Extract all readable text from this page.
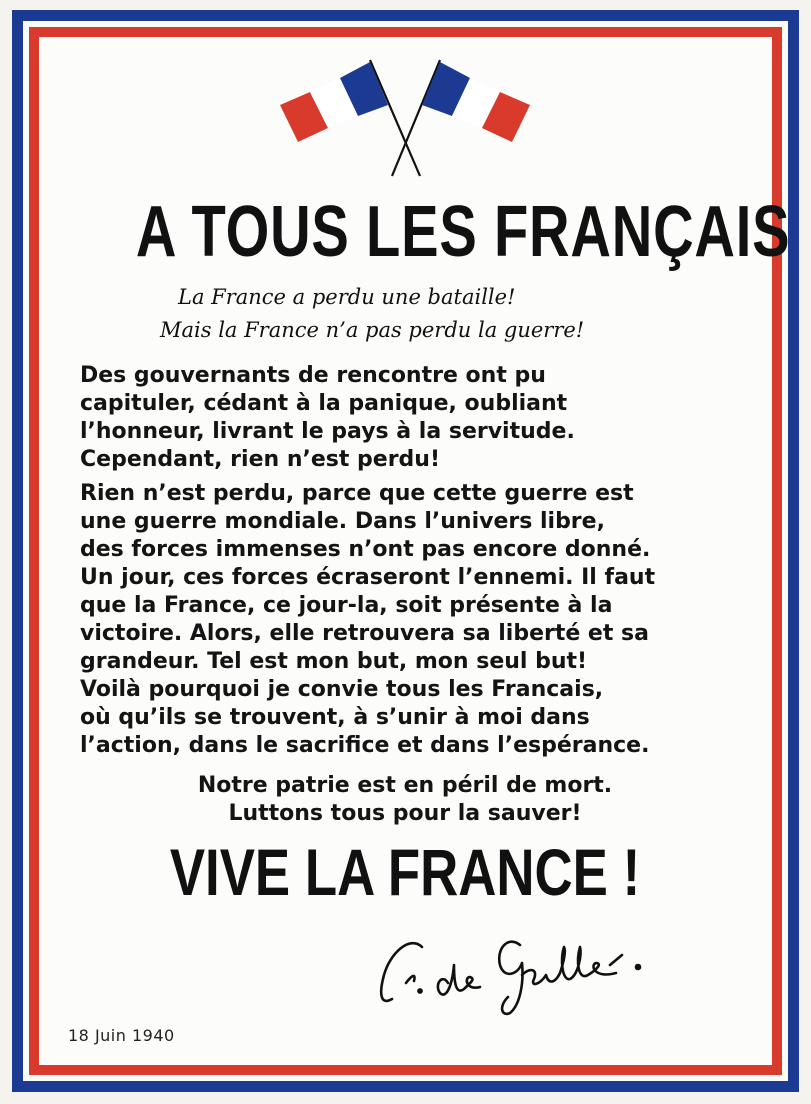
A TOUS LES FRANÇAIS
La France a perdu une bataille!
Mais la France n’a pas perdu la guerre!
Des gouvernants de rencontre ont pu
capituler, cédant à la panique, oubliant
l’honneur, livrant le pays à la servitude.
Cependant, rien n’est perdu!
Rien n’est perdu, parce que cette guerre est
une guerre mondiale. Dans l’univers libre,
des forces immenses n’ont pas encore donné.
Un jour, ces forces écraseront l’ennemi. Il faut
que la France, ce jour-la, soit présente à la
victoire. Alors, elle retrouvera sa liberté et sa
grandeur. Tel est mon but, mon seul but!
Voilà pourquoi je convie tous les Francais,
où qu’ils se trouvent, à s’unir à moi dans
l’action, dans le sacrifice et dans l’espérance.
Notre patrie est en péril de mort.
Luttons tous pour la sauver!
VIVE LA FRANCE !
18 Juin 1940
